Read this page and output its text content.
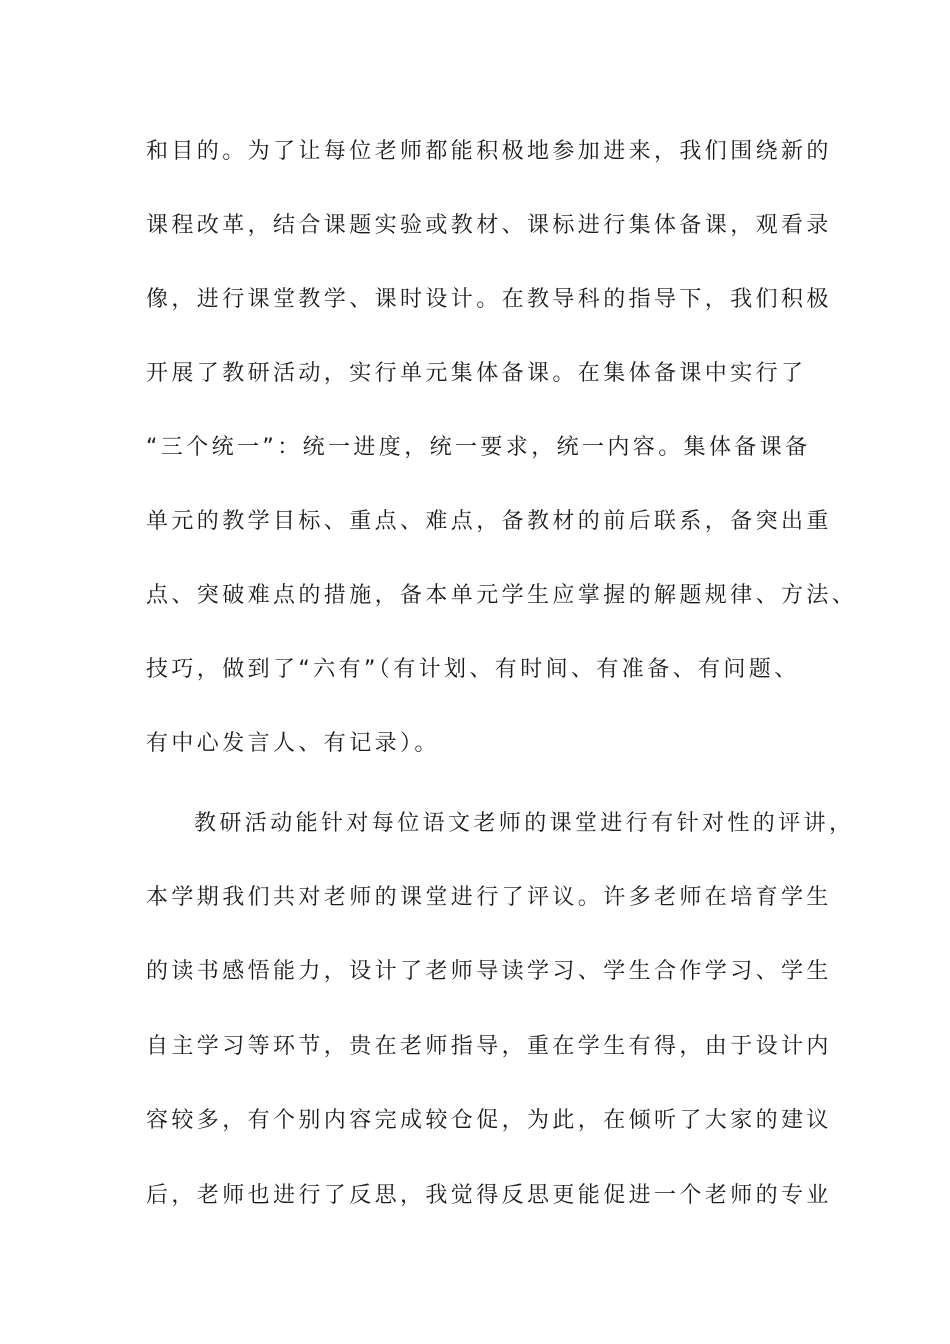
和目的。为了让每位老师都能积极地参加进来，我们围绕新的
课程改革，结合课题实验或教材、课标进行集体备课，观看录
像，进行课堂教学、课时设计。在教导科的指导下，我们积极
开展了教研活动，实行单元集体备课。在集体备课中实行了
“三个统一”：统一进度，统一要求，统一内容。集体备课备
单元的教学目标、重点、难点，备教材的前后联系，备突出重
点、突破难点的措施，备本单元学生应掌握的解题规律、方法、
技巧，做到了“六有”（有计划、有时间、有准备、有问题、
有中心发言人、有记录）。
教研活动能针对每位语文老师的课堂进行有针对性的评讲，
本学期我们共对老师的课堂进行了评议。许多老师在培育学生
的读书感悟能力，设计了老师导读学习、学生合作学习、学生
自主学习等环节，贵在老师指导，重在学生有得，由于设计内
容较多，有个别内容完成较仓促，为此，在倾听了大家的建议
后，老师也进行了反思，我觉得反思更能促进一个老师的专业
